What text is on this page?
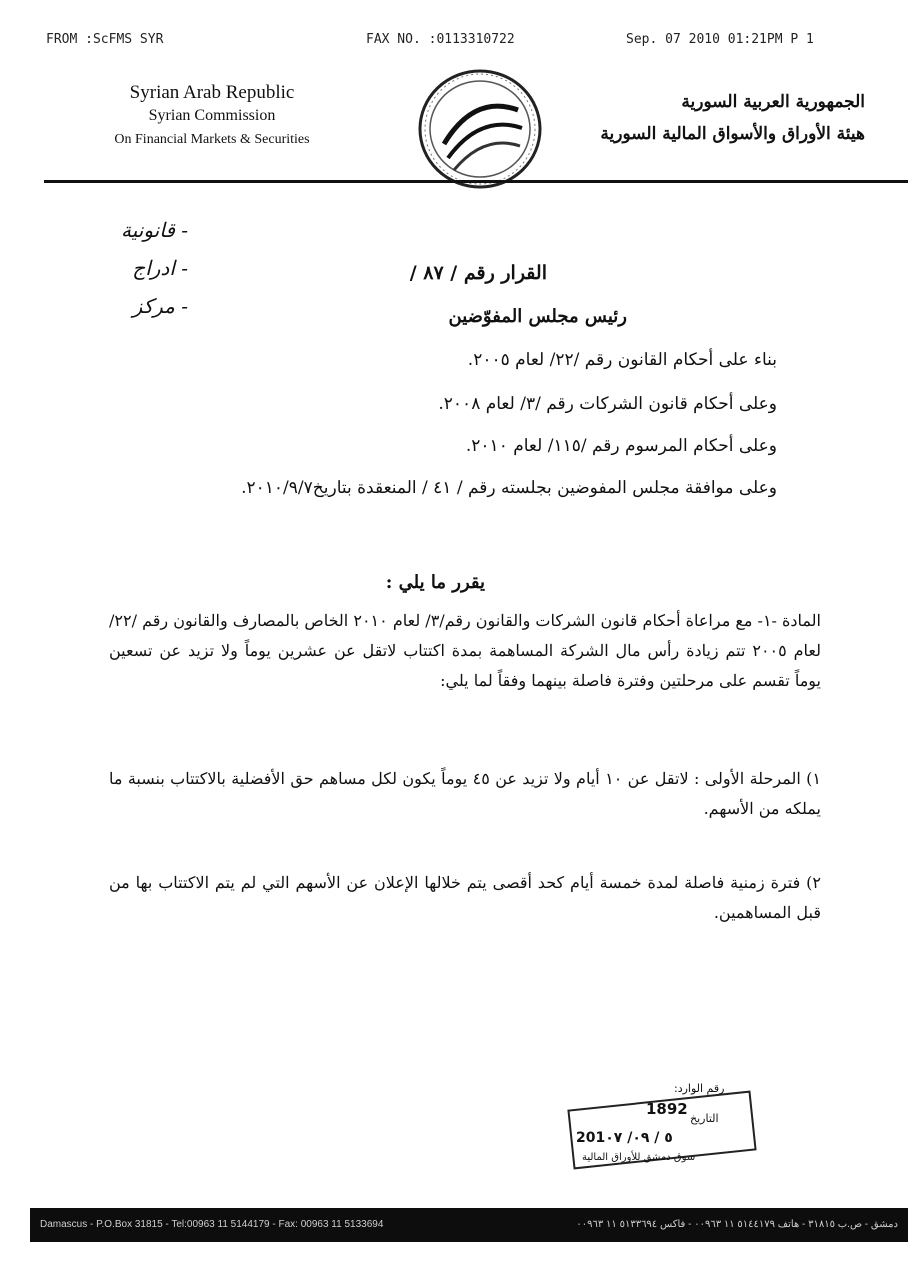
FROM :ScFMS SYR	FAX NO. :0113310722	Sep. 07 2010 01:21PM P 1
Syrian Arab Republic
Syrian Commission
On Financial Markets & Securities
الجمهورية العربية السورية
هيئة الأوراق والأسواق المالية السورية
- قانونية
- ادراج
- مركز
القرار رقم / ٨٧ /
رئيس مجلس المفوّضين
بناء على أحكام القانون رقم /٢٢/ لعام ٢٠٠٥.
وعلى أحكام قانون الشركات رقم /٣/ لعام ٢٠٠٨.
وعلى أحكام المرسوم رقم /١١٥/ لعام ٢٠١٠.
وعلى موافقة مجلس المفوضين بجلسته رقم / ٤١ / المنعقدة بتاريخ٢٠١٠/٩/٧.
يقرر ما يلي :
المادة -١- مع مراعاة أحكام قانون الشركات والقانون رقم/٣/ لعام ٢٠١٠ الخاص بالمصارف والقانون رقم /٢٢/ لعام ٢٠٠٥ تتم زيادة رأس مال الشركة المساهمة بمدة اكتتاب لاتقل عن عشرين يوماً ولا تزيد عن تسعين يوماً تقسم على مرحلتين وفترة فاصلة بينهما وفقاً لما يلي:
١) المرحلة الأولى : لاتقل عن ١٠ أيام ولا تزيد عن ٤٥ يوماً يكون لكل مساهم حق الأفضلية بالاكتتاب بنسبة ما يملكه من الأسهم.
٢) فترة زمنية فاصلة لمدة خمسة أيام كحد أقصى يتم خلالها الإعلان عن الأسهم التي لم يتم الاكتتاب بها من قبل المساهمين.
رقم الوارد:
1892
التاريخ
201٥ / ٠٩/ ٠٧
سوق دمشق للأوراق المالية
Damascus - P.O.Box 31815 - Tel:00963 11 5144179 - Fax: 00963 11 5133694	دمشق - ص.ب ٣١٨١٥ - هاتف ٥١٤٤١٧٩ ١١ ٠٠٩٦٣ - فاكس ٥١٣٣٦٩٤ ١١ ٠٠٩٦٣
